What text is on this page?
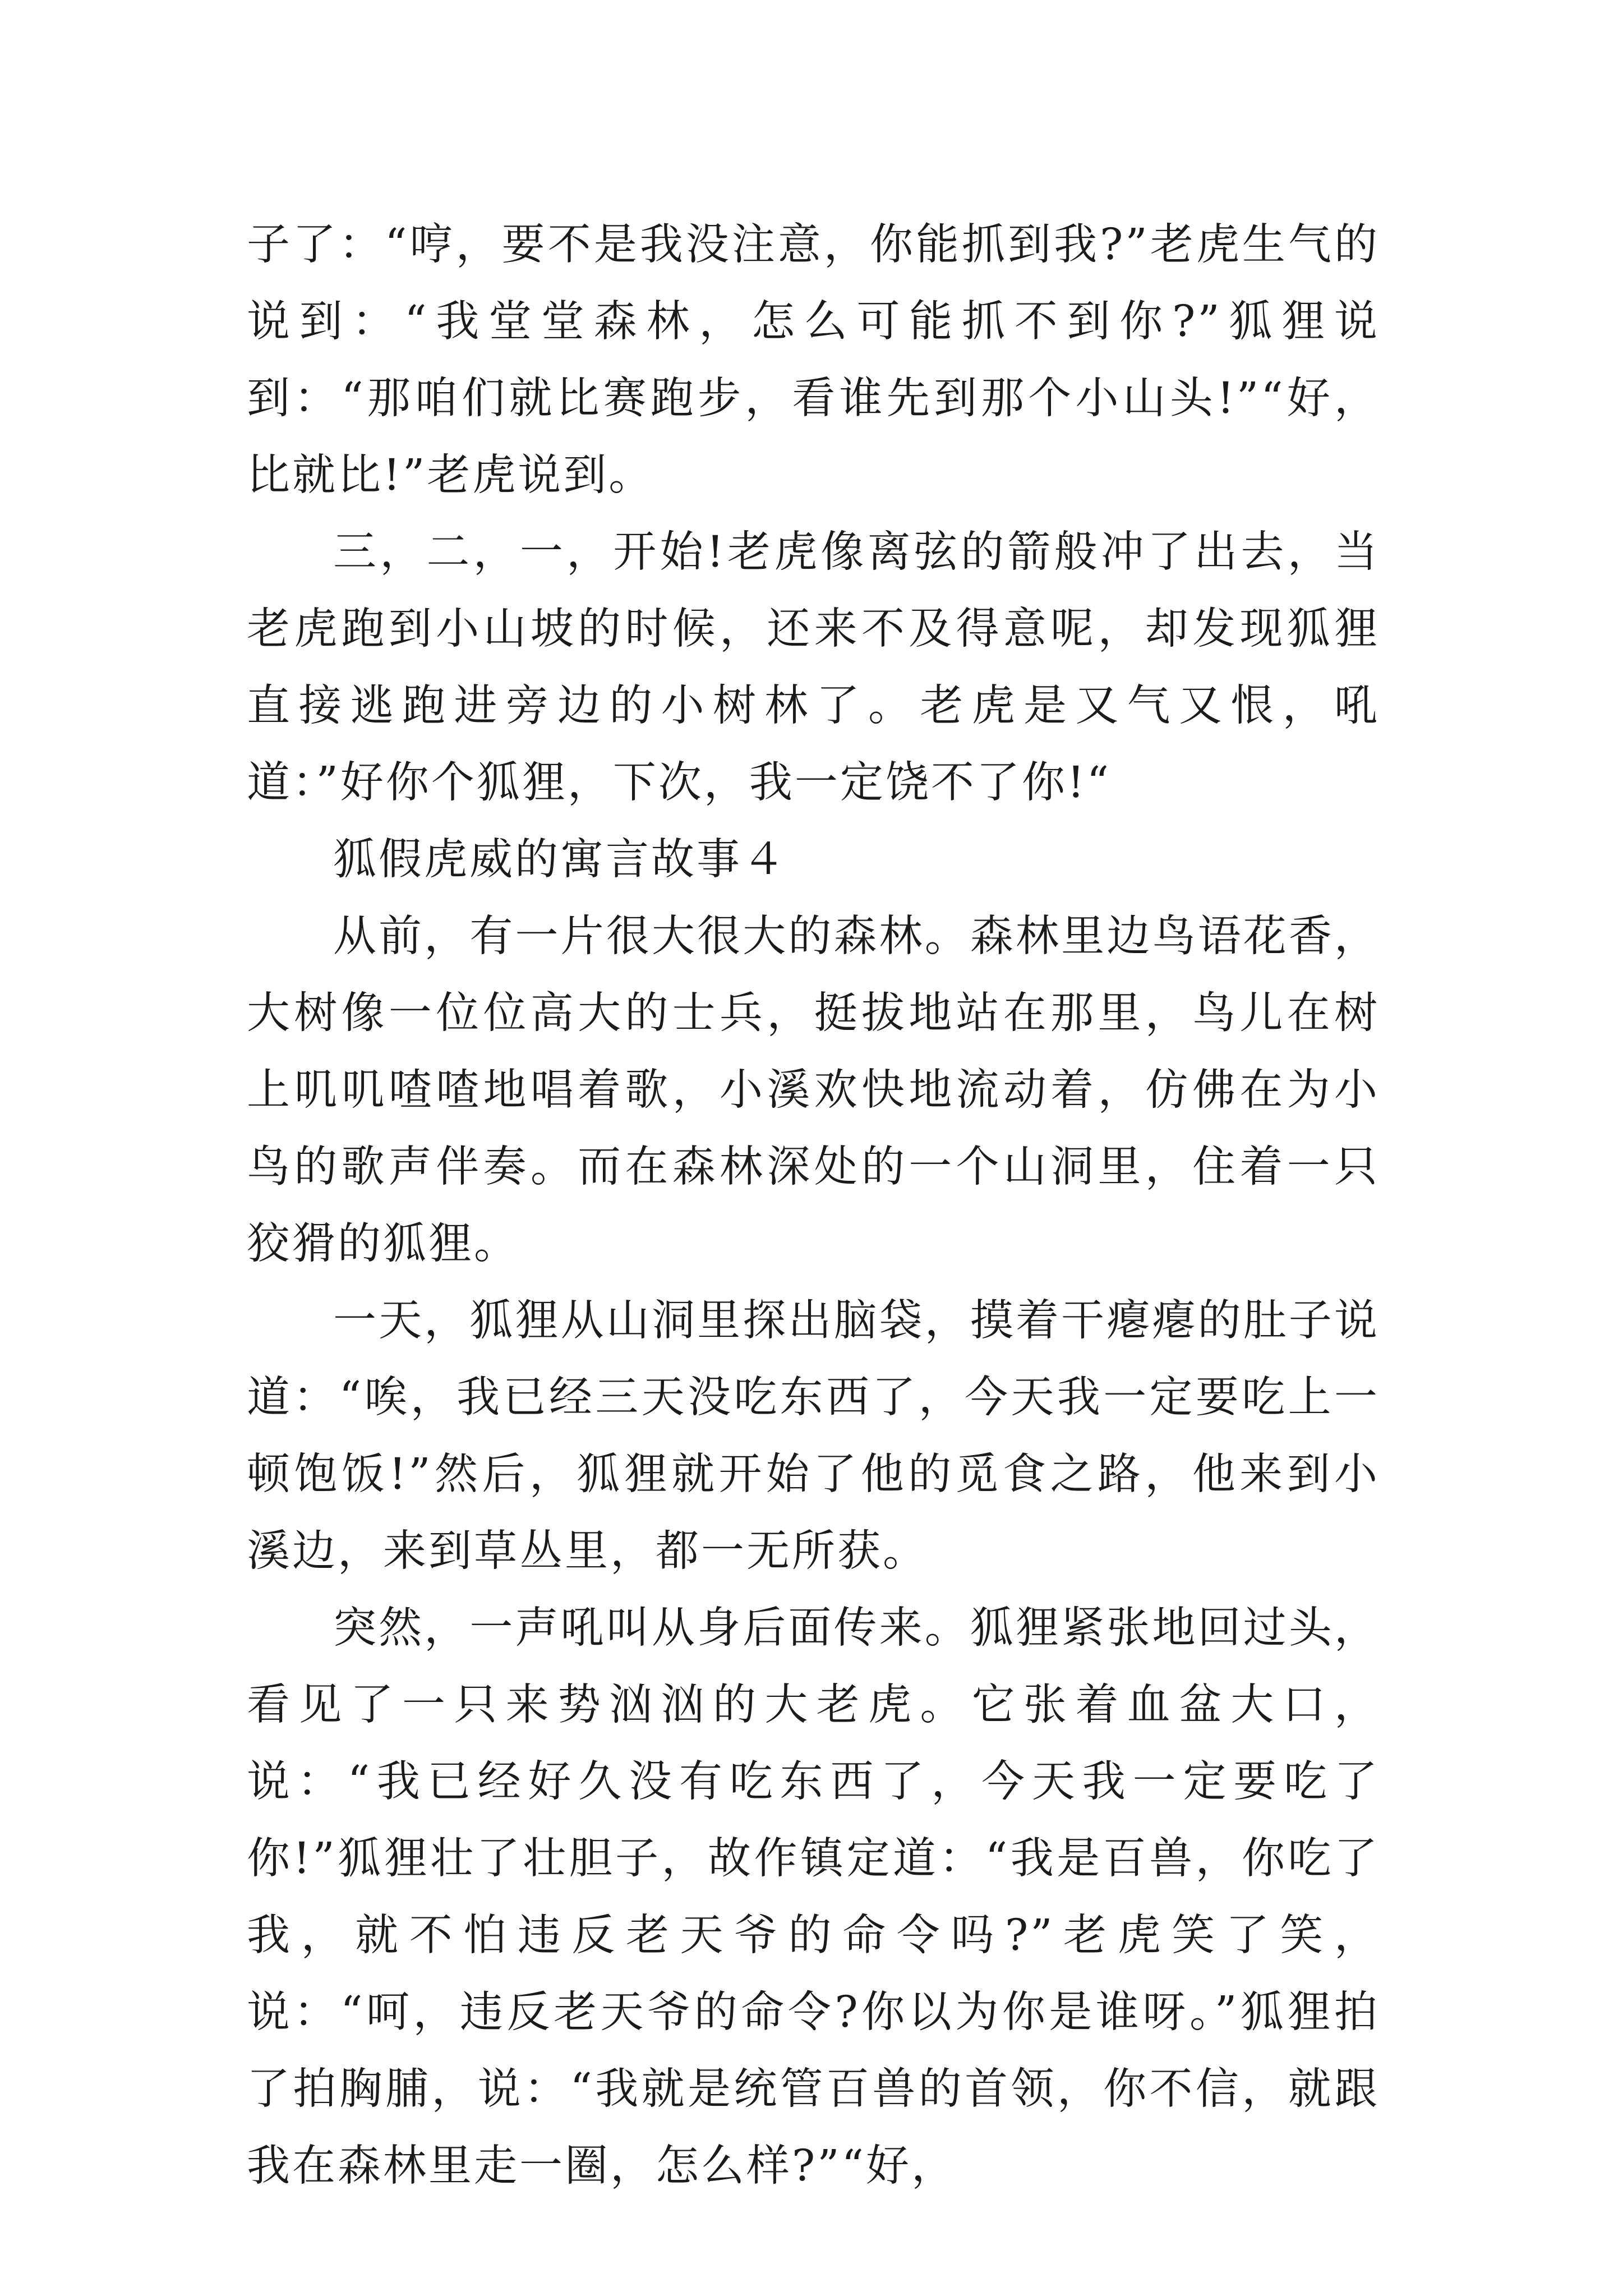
子了：“哼，要不是我没注意，你能抓到我?”老虎生气的说到：“我堂堂森林，怎么可能抓不到你?”狐狸说到：“那咱们就比赛跑步，看谁先到那个小山头!”“好，比就比!”老虎说到。

三，二，一，开始!老虎像离弦的箭般冲了出去，当老虎跑到小山坡的时候，还来不及得意呢，却发现狐狸直接逃跑进旁边的小树林了。老虎是又气又恨，吼道：”好你个狐狸，下次，我一定饶不了你!“

狐假虎威的寓言故事４

从前，有一片很大很大的森林。森林里边鸟语花香，大树像一位位高大的士兵，挺拔地站在那里，鸟儿在树上叽叽喳喳地唱着歌，小溪欢快地流动着，仿佛在为小鸟的歌声伴奏。而在森林深处的一个山洞里，住着一只狡猾的狐狸。

一天，狐狸从山洞里探出脑袋，摸着干瘪瘪的肚子说道：“唉，我已经三天没吃东西了，今天我一定要吃上一顿饱饭!”然后，狐狸就开始了他的觅食之路，他来到小溪边，来到草丛里，都一无所获。

突然，一声吼叫从身后面传来。狐狸紧张地回过头，看见了一只来势汹汹的大老虎。它张着血盆大口，说：“我已经好久没有吃东西了，今天我一定要吃了你!”狐狸壮了壮胆子，故作镇定道：“我是百兽，你吃了我，就不怕违反老天爷的命令吗?”老虎笑了笑，说：“呵，违反老天爷的命令?你以为你是谁呀。”狐狸拍了拍胸脯，说：“我就是统管百兽的首领，你不信，就跟我在森林里走一圈，怎么样?”“好，
